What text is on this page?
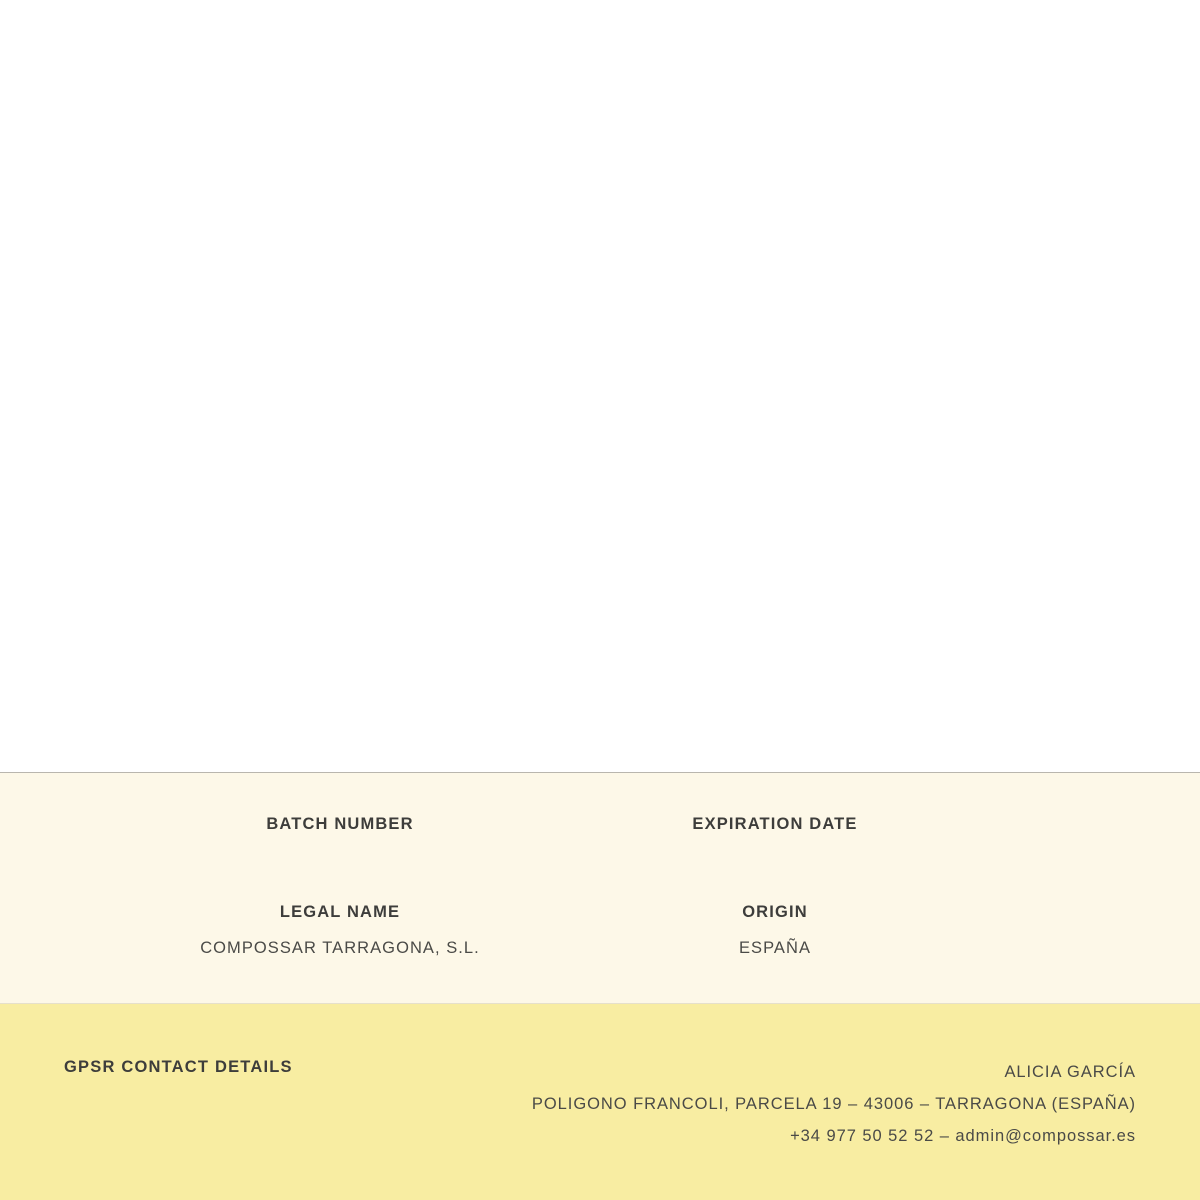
BATCH NUMBER	EXPIRATION DATE
LEGAL NAME
COMPOSSAR TARRAGONA, S.L.
ORIGIN
ESPAÑA
GPSR CONTACT DETAILS	ALICIA GARCÍA
POLIGONO FRANCOLI, PARCELA 19 – 43006 – TARRAGONA (ESPAÑA)
+34 977 50 52 52 – admin@compossar.es
